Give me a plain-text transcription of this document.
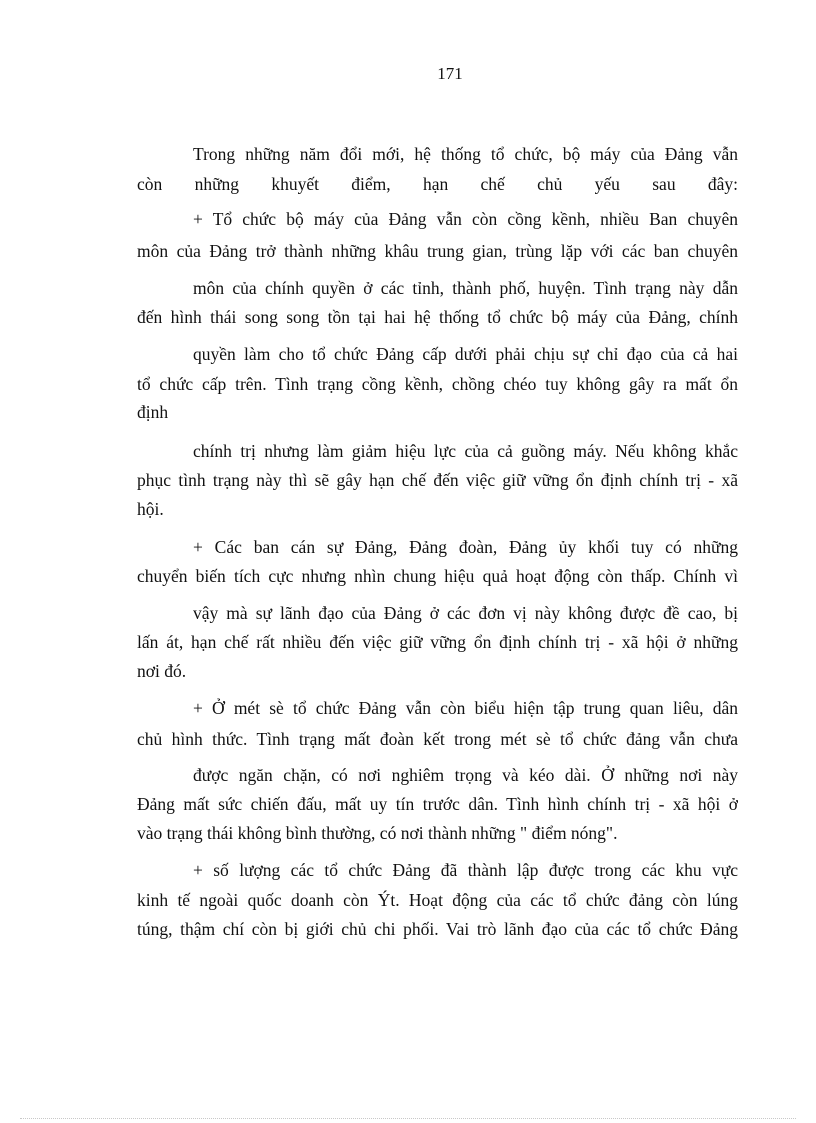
171
Trong những năm đổi mới, hệ thống tổ chức, bộ máy của Đảng vẫn
còn những khuyết điểm, hạn chế chủ yếu sau đây:
+ Tổ chức bộ máy của Đảng vẫn còn cồng kềnh, nhiều Ban chuyên
môn của Đảng trở thành những khâu trung gian, trùng lặp với các ban chuyên
môn của chính quyền ở các tỉnh, thành phố, huyện. Tình trạng này dẫn
đến hình thái song song tồn tại hai hệ thống tổ chức bộ máy của Đảng, chính
quyền làm cho tổ chức Đảng cấp dưới phải chịu sự chỉ đạo của cả hai
tổ chức cấp trên. Tình trạng cồng kềnh, chồng chéo tuy không gây ra mất ổn
định
chính trị nhưng làm giảm hiệu lực của cả guồng máy. Nếu không khắc
phục tình trạng này thì sẽ gây hạn chế đến việc giữ vững ổn định chính trị - xã
hội.
+ Các ban cán sự Đảng, Đảng đoàn, Đảng ủy khối tuy có những
chuyển biến tích cực nhưng nhìn chung hiệu quả hoạt động còn thấp. Chính vì
vậy mà sự lãnh đạo của Đảng ở các đơn vị này không được đề cao, bị
lấn át, hạn chế rất nhiều đến việc giữ vững ổn định chính trị - xã hội ở những
nơi đó.
+ Ở mét sè tổ chức Đảng vẫn còn biểu hiện tập trung quan liêu, dân
chủ hình thức. Tình trạng mất đoàn kết trong mét sè tổ chức đảng vẫn chưa
được ngăn chặn, có nơi nghiêm trọng và kéo dài. Ở những nơi này
Đảng mất sức chiến đấu, mất uy tín trước dân. Tình hình chính trị - xã hội ở
vào trạng thái không bình thường, có nơi thành những " điểm nóng".
+ số lượng các tổ chức Đảng đã thành lập được trong các khu vực
kinh tế ngoài quốc doanh còn Ýt. Hoạt động của các tổ chức đảng còn lúng
túng, thậm chí còn bị giới chủ chi phối. Vai trò lãnh đạo của các tổ chức Đảng
